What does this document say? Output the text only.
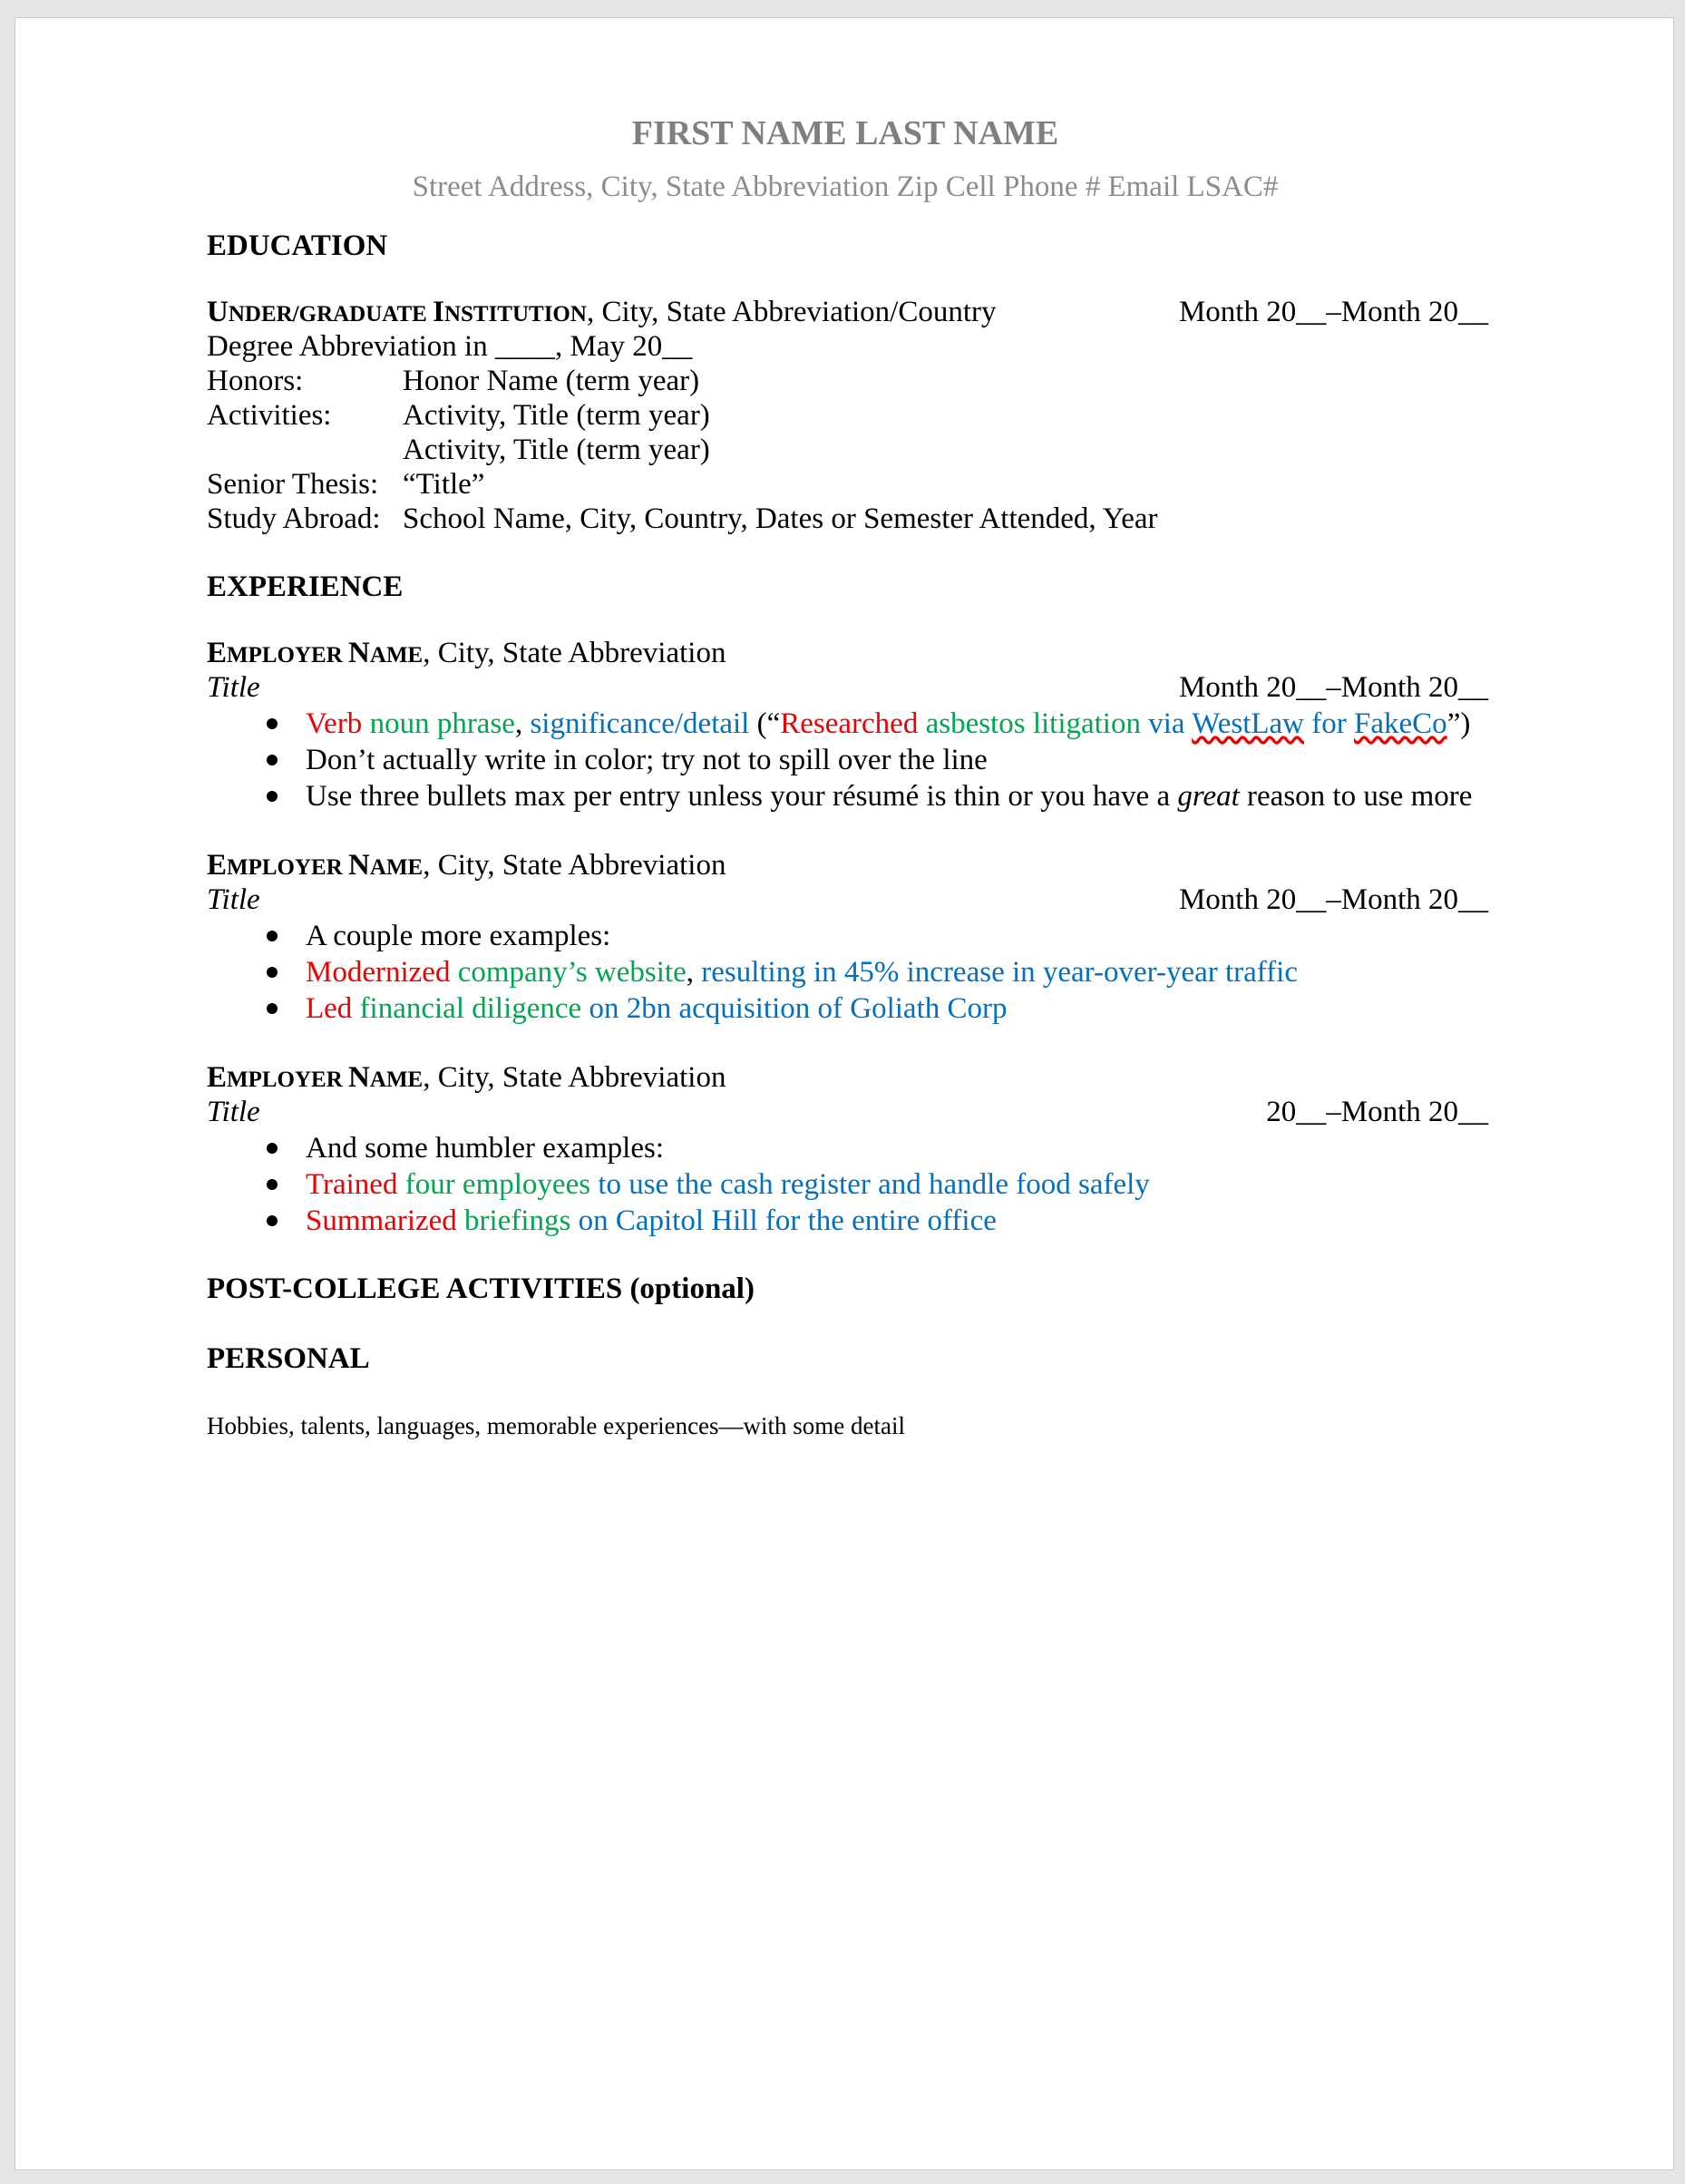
FIRST NAME LAST NAME
Street Address, City, State Abbreviation Zip Cell Phone # Email LSAC#
EDUCATION
UNDER/GRADUATE INSTITUTION, City, State Abbreviation/Country	Month 20__–Month 20__
Degree Abbreviation in ____, May 20__
Honors:	Honor Name (term year)
Activities: Activity, Title (term year)
Activity, Title (term year)
Senior Thesis: “Title”
Study Abroad: School Name, City, Country, Dates or Semester Attended, Year
EXPERIENCE
EMPLOYER NAME, City, State Abbreviation
Title	Month 20__–Month 20__
Verb noun phrase, significance/detail (“Researched asbestos litigation via WestLaw for FakeCo”)
Don’t actually write in color; try not to spill over the line
Use three bullets max per entry unless your résumé is thin or you have a great reason to use more
EMPLOYER NAME, City, State Abbreviation
Title	Month 20__–Month 20__
A couple more examples:
Modernized company’s website, resulting in 45% increase in year-over-year traffic
Led financial diligence on 2bn acquisition of Goliath Corp
EMPLOYER NAME, City, State Abbreviation
Title	20__–Month 20__
And some humbler examples:
Trained four employees to use the cash register and handle food safely
Summarized briefings on Capitol Hill for the entire office
POST-COLLEGE ACTIVITIES (optional)
PERSONAL
Hobbies, talents, languages, memorable experiences—with some detail
